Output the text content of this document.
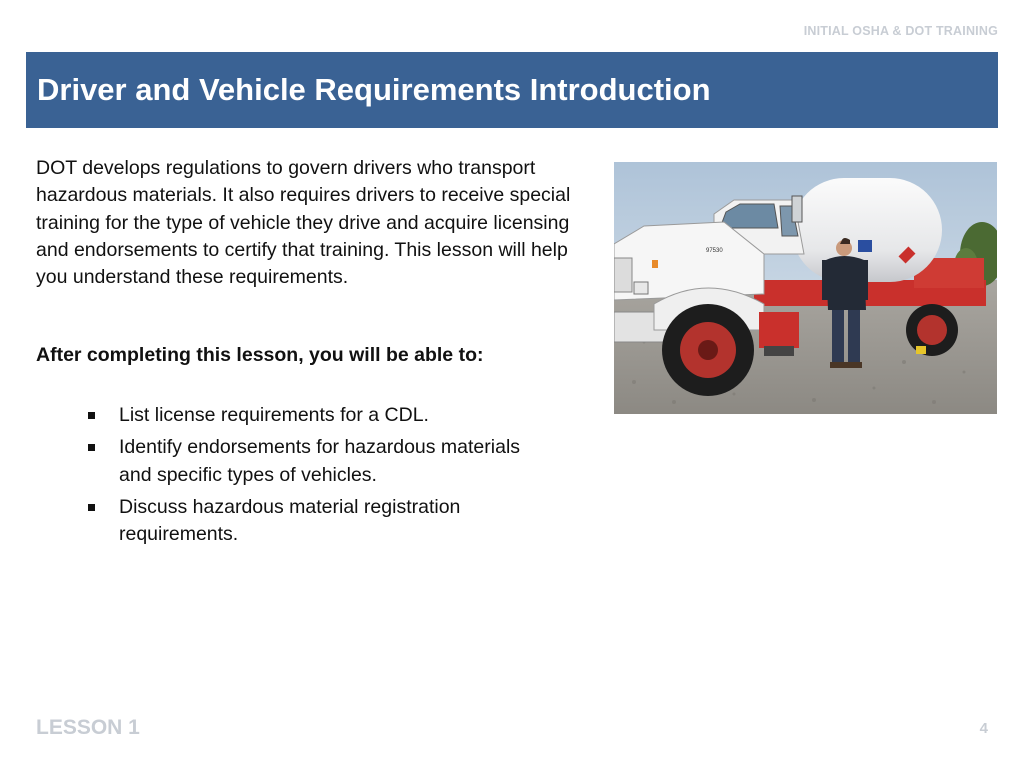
INITIAL OSHA & DOT TRAINING
Driver and Vehicle Requirements Introduction

DOT develops regulations to govern drivers who transport hazardous materials. It also requires drivers to receive special training for the type of vehicle they drive and acquire licensing and endorsements to certify that training. This lesson will help you understand these requirements.

After completing this lesson, you will be able to:

List license requirements for a CDL.
Identify endorsements for hazardous materials and specific types of vehicles.
Discuss hazardous material registration requirements.
97530
LESSON 1	4
